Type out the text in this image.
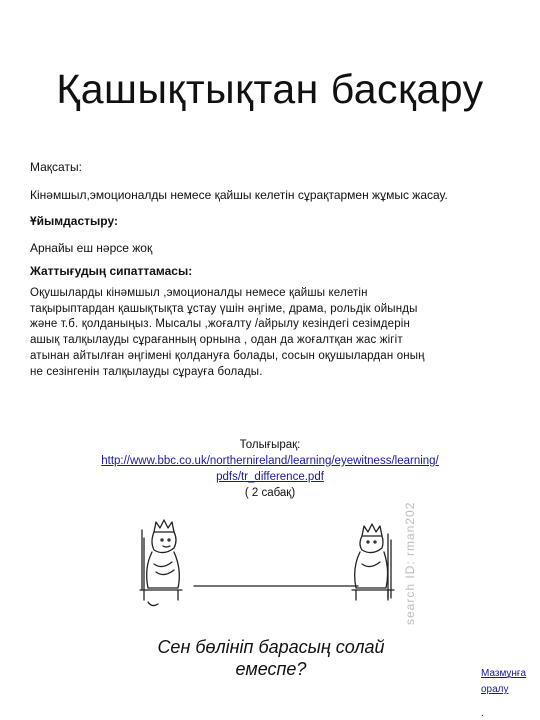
Қашықтықтан басқару
Мақсаты:
Кінәмшыл,эмоционалды немесе қайшы келетін сұрақтармен жұмыс жасау.
Ұйымдастыру:
Арнайы еш нәрсе жоқ
Жаттығудың сипаттамасы:
Оқушыларды кінәмшыл ,эмоционалды немесе қайшы келетін
тақырыптардан қашықтықта ұстау үшін әңгіме, драма, рольдік ойынды
және т.б. қолданыңыз. Мысалы ,жоғалту /айрылу кезіндегі сезімдерін
ашық талқылауды сұрағанның орнына , одан да жоғалтқан жас жігіт
атынан айтылған әңгімені қолдануға болады, сосын оқушылардан оның
не сезінгенін талқылауды сұрауға болады.
Толығырақ:
http://www.bbc.co.uk/northernireland/learning/eyewitness/learning/
pdfs/tr_difference.pdf
( 2 сабақ)
search ID: rman202
Сен бөлініп барасың солай
емеспе?	Мазмұнға
оралу
.
